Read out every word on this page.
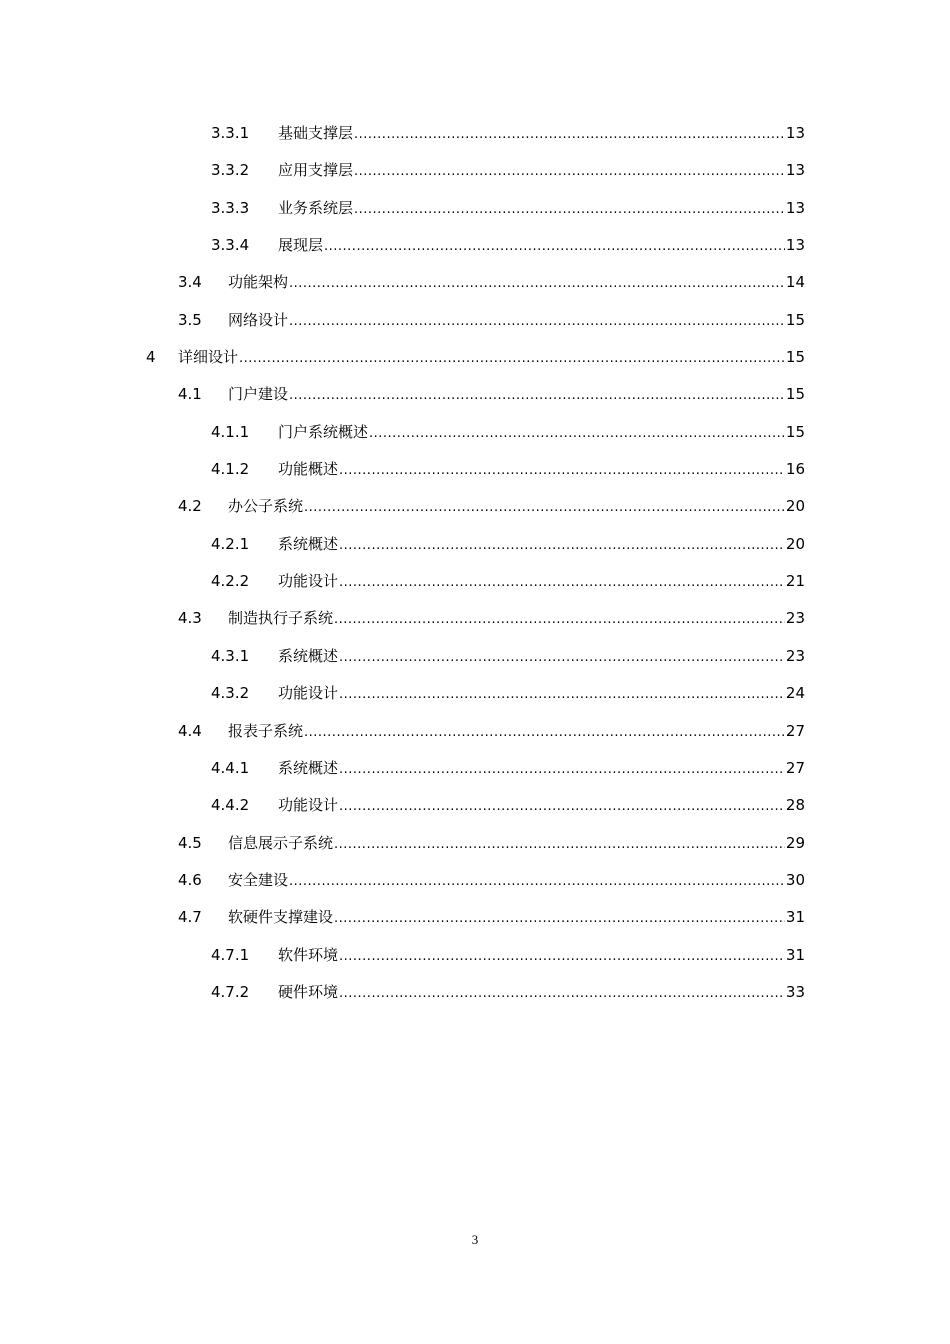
3.3.1 基础支撑层 .....	13
3.3.2 应用支撑层 .....	13
3.3.3 业务系统层 .....	13
3.3.4 展现层 .....	13
3.4 功能架构 .....	14
3.5 网络设计 .....	15
4 详细设计 .....	15
4.1 门户建设 .....	15
4.1.1 门户系统概述 .....	15
4.1.2 功能概述 .....	16
4.2 办公子系统 .....	20
4.2.1 系统概述 .....	20
4.2.2 功能设计 .....	21
4.3 制造执行子系统 .....	23
4.3.1 系统概述 .....	23
4.3.2 功能设计 .....	24
4.4 报表子系统 .....	27
4.4.1 系统概述 .....	27
4.4.2 功能设计 .....	28
4.5 信息展示子系统 .....	29
4.6 安全建设 .....	30
4.7 软硬件支撑建设 .....	31
4.7.1 软件环境 .....	31
4.7.2 硬件环境 .....	33
3
